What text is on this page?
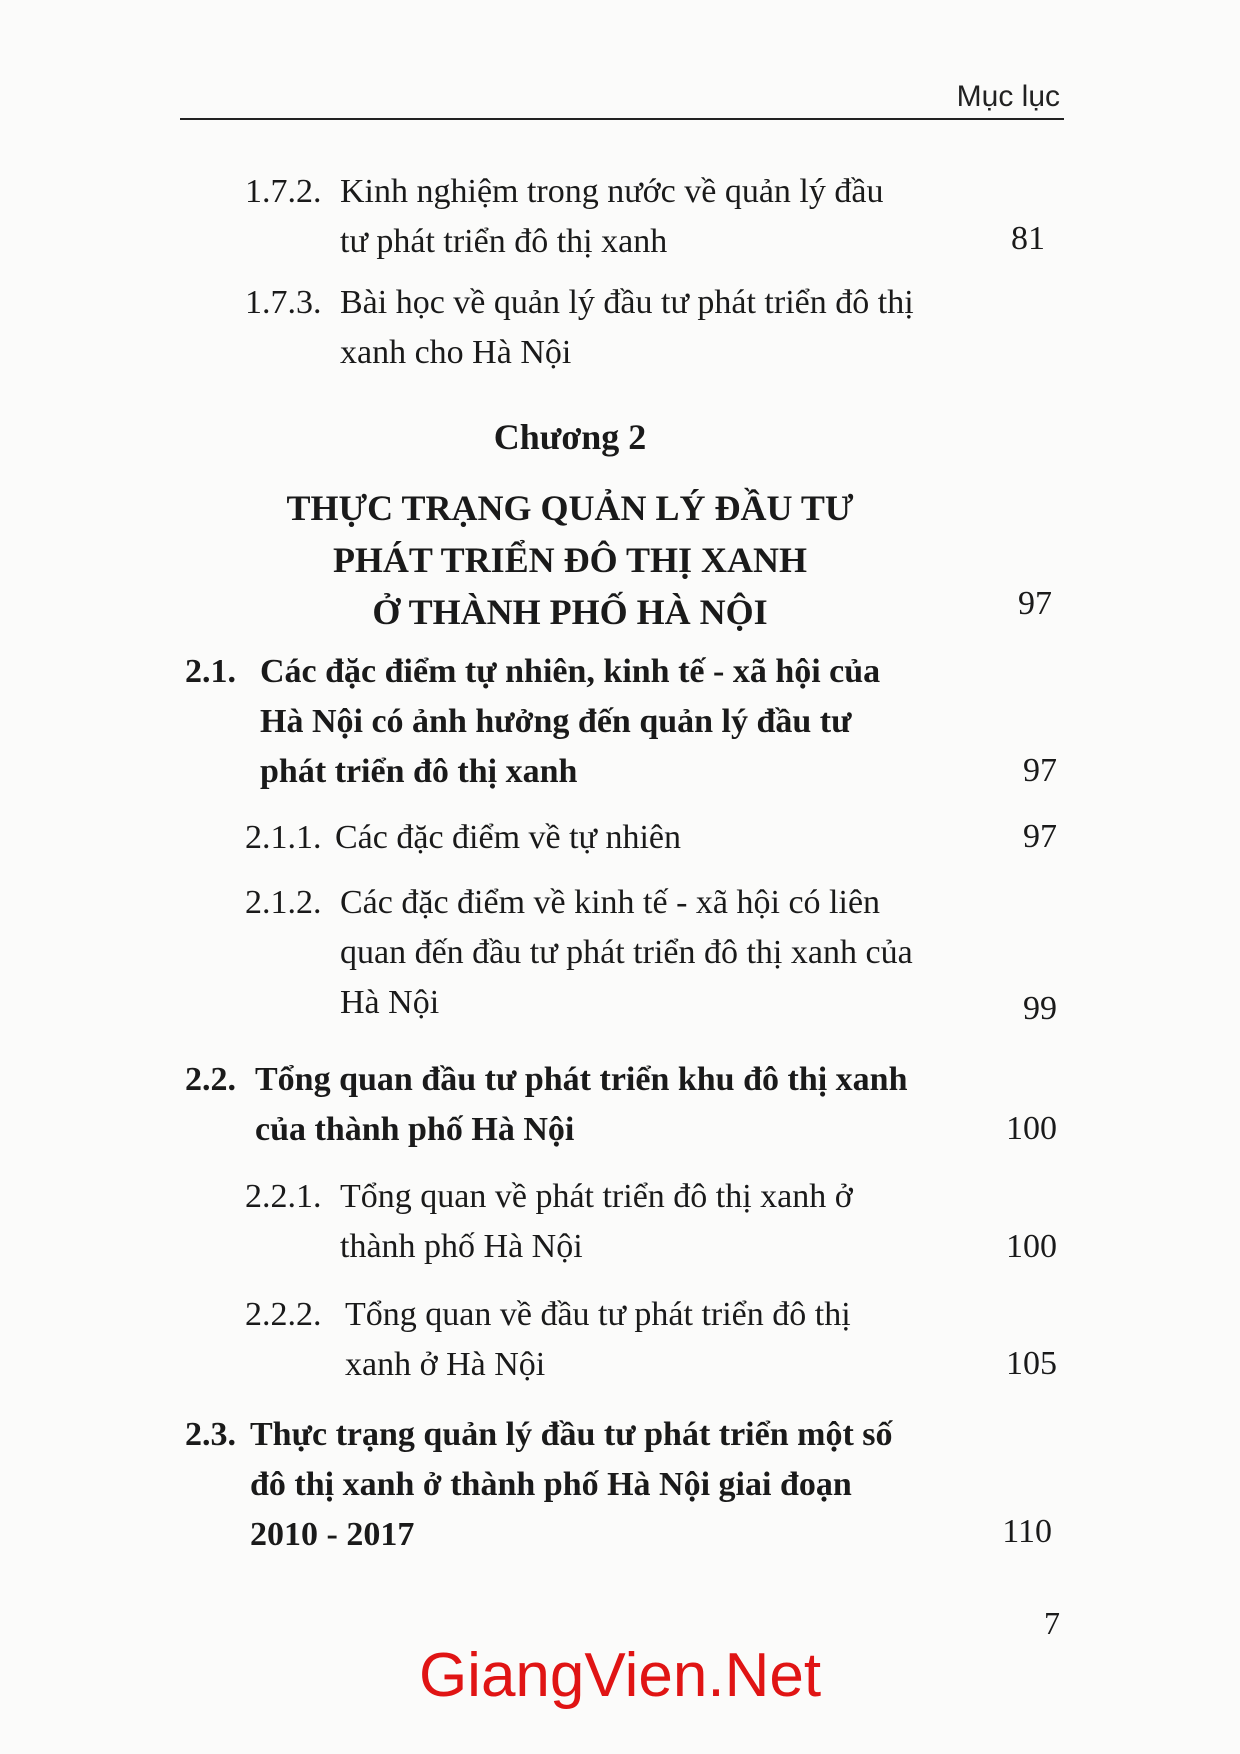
Mục lục
1.7.2. Kinh nghiệm trong nước về quản lý đầu
tư phát triển đô thị xanh	81
1.7.3. Bài học về quản lý đầu tư phát triển đô thị
xanh cho Hà Nội
Chương 2
THỰC TRẠNG QUẢN LÝ ĐẦU TƯ
PHÁT TRIỂN ĐÔ THỊ XANH
Ở THÀNH PHỐ HÀ NỘI	97
2.1. Các đặc điểm tự nhiên, kinh tế - xã hội của
Hà Nội có ảnh hưởng đến quản lý đầu tư
phát triển đô thị xanh	97
2.1.1. Các đặc điểm về tự nhiên	97
2.1.2. Các đặc điểm về kinh tế - xã hội có liên
quan đến đầu tư phát triển đô thị xanh của
Hà Nội	99
2.2. Tổng quan đầu tư phát triển khu đô thị xanh
của thành phố Hà Nội	100
2.2.1. Tổng quan về phát triển đô thị xanh ở
thành phố Hà Nội	100
2.2.2. Tổng quan về đầu tư phát triển đô thị
xanh ở Hà Nội	105
2.3. Thực trạng quản lý đầu tư phát triển một số
đô thị xanh ở thành phố Hà Nội giai đoạn
2010 - 2017	110
7
GiangVien.Net
